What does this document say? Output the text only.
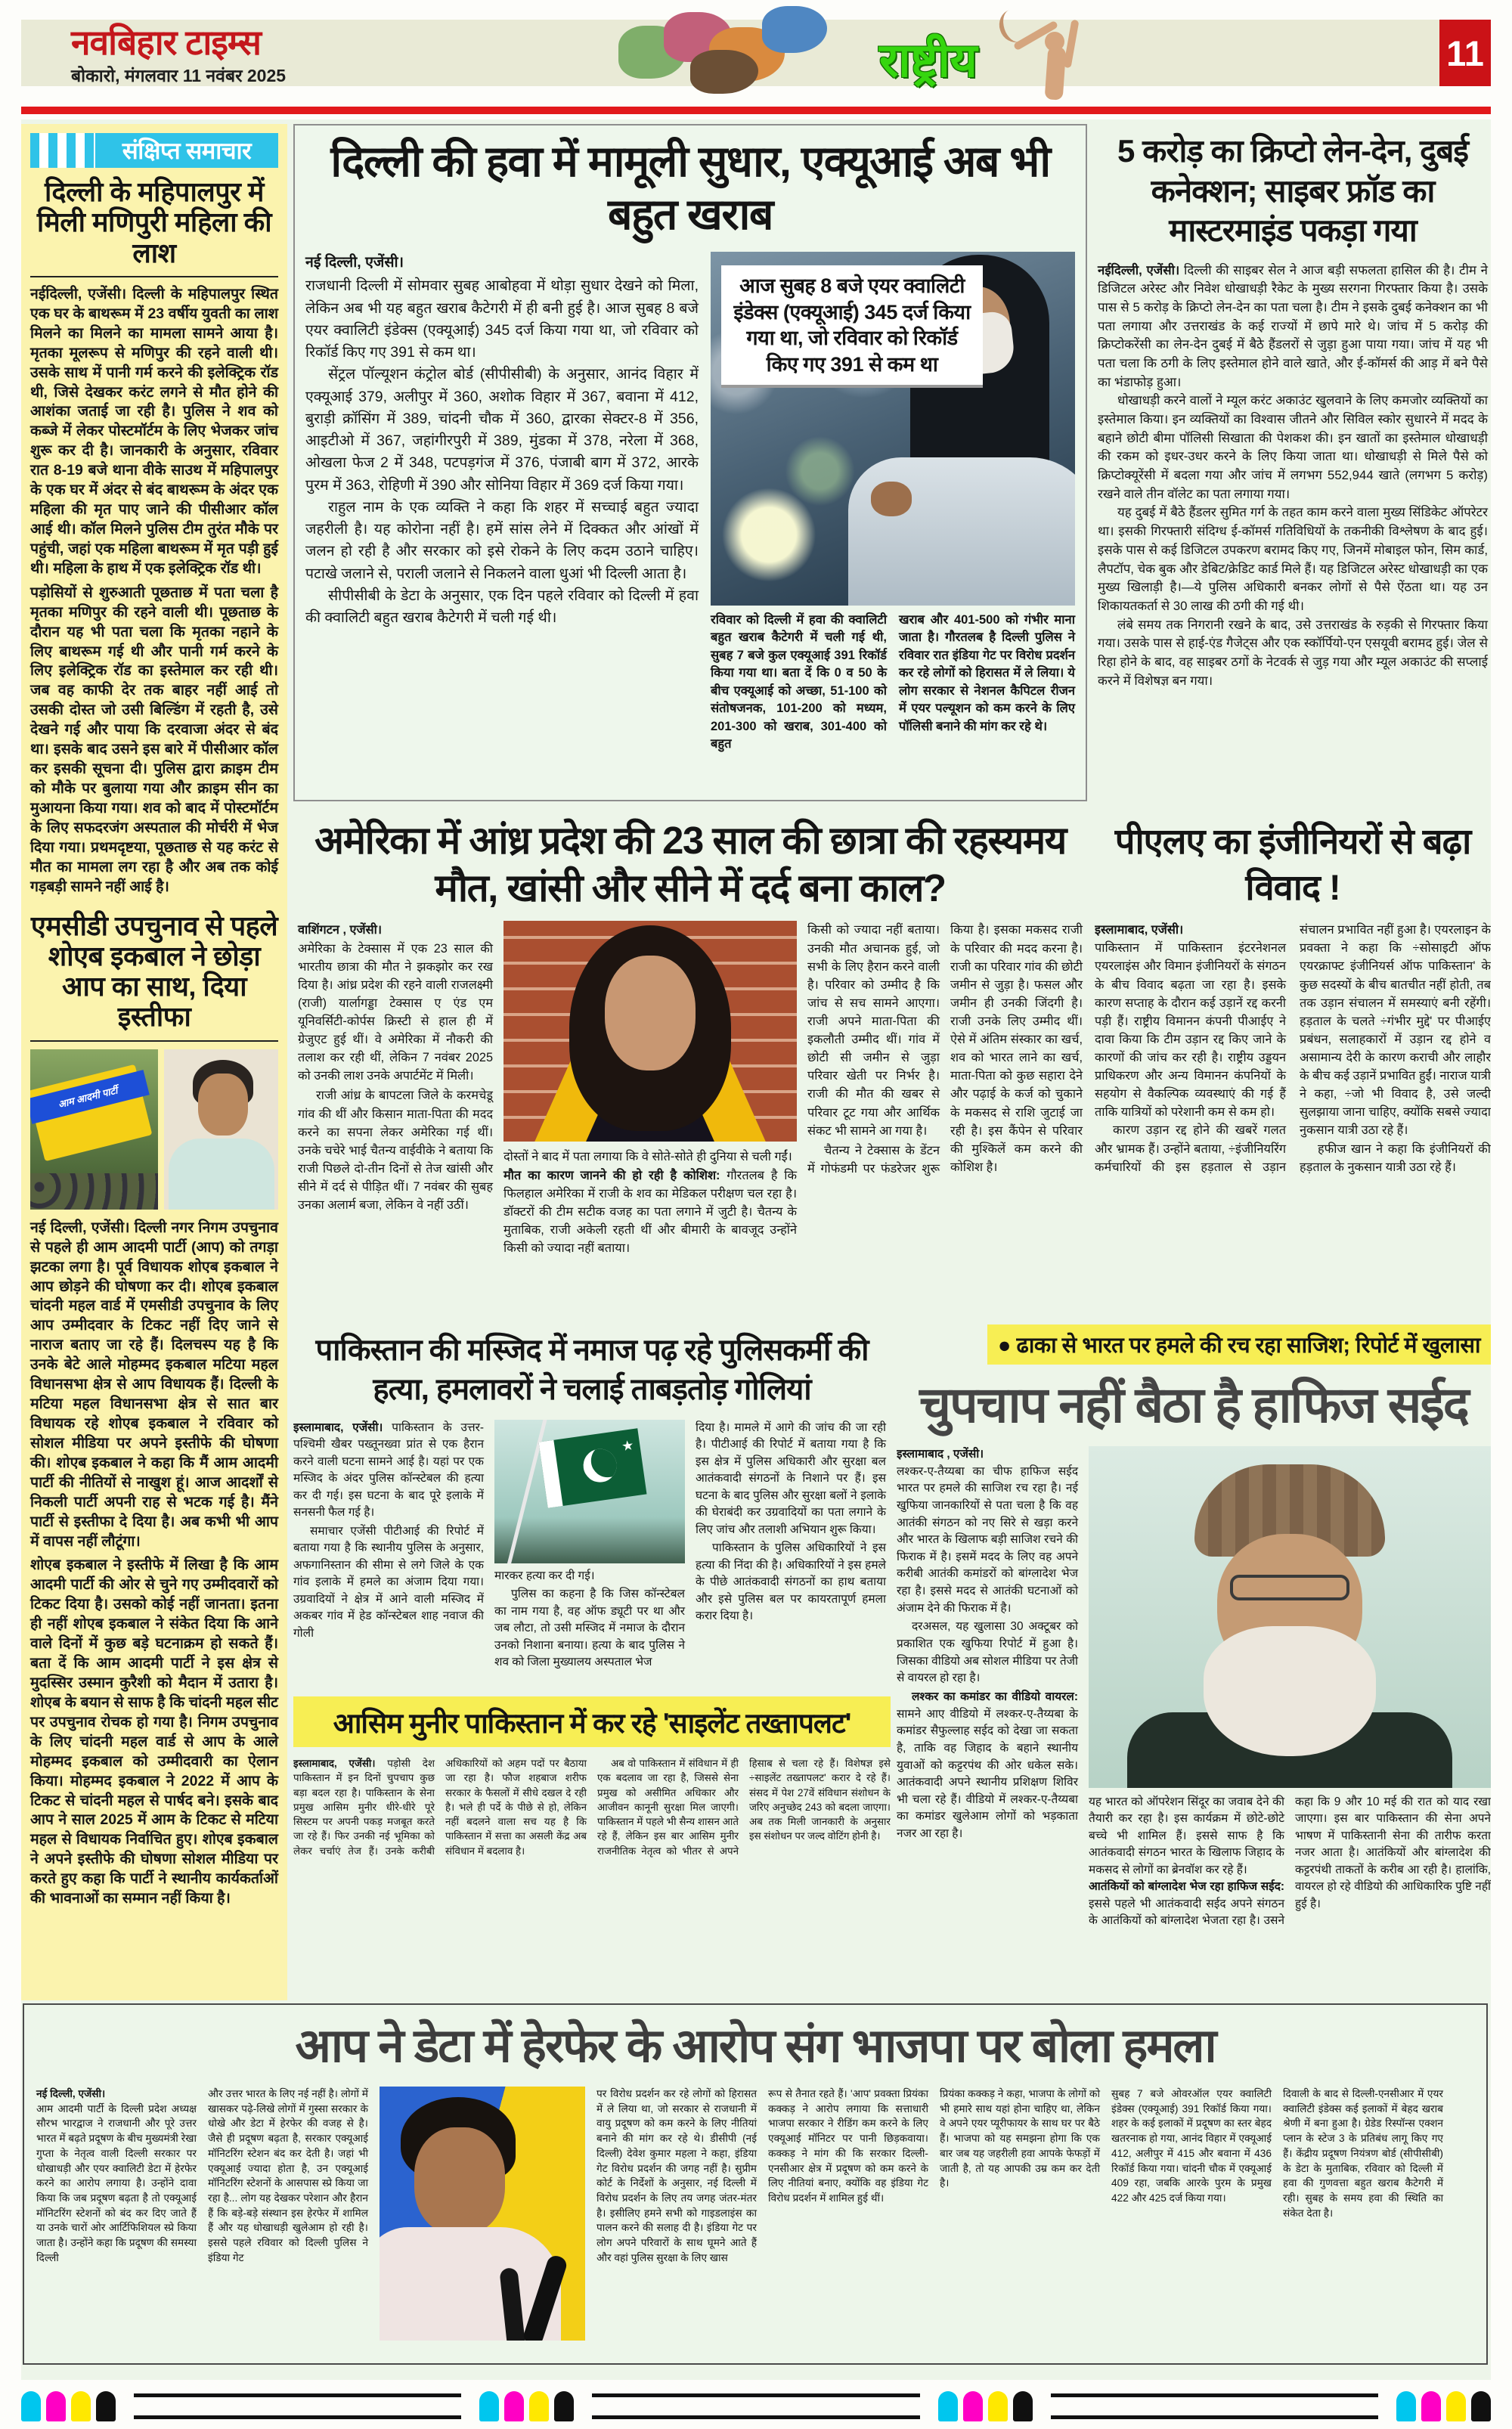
नवबिहार टाइम्स
बोकारो, मंगलवार 11 नवंबर 2025	राष्ट्रीय	11
संक्षिप्त समाचार
दिल्ली के महिपालपुर में मिली मणिपुरी महिला की लाश

नईदिल्ली, एजेंसी। दिल्ली के महिपालपुर स्थित एक घर के बाथरूम में 23 वर्षीय युवती का लाश मिलने का मिलने का मामला सामने आया है। मृतका मूलरूप से मणिपुर की रहने वाली थी। उसके साथ में पानी गर्म करने की इलेक्ट्रिक रॉड थी, जिसे देखकर करंट लगने से मौत होने की आशंका जताई जा रही है। पुलिस ने शव को कब्जे में लेकर पोस्टमॉर्टम के लिए भेजकर जांच शुरू कर दी है। जानकारी के अनुसार, रविवार रात 8-19 बजे थाना वीके साउथ में महिपालपुर के एक घर में अंदर से बंद बाथरूम के अंदर एक महिला की मृत पाए जाने की पीसीआर कॉल आई थी। कॉल मिलने पुलिस टीम तुरंत मौके पर पहुंची, जहां एक महिला बाथरूम में मृत पड़ी हुई थी। महिला के हाथ में एक इलेक्ट्रिक रॉड थी।

पड़ोसियों से शुरुआती पूछताछ में पता चला है मृतका मणिपुर की रहने वाली थी। पूछताछ के दौरान यह भी पता चला कि मृतका नहाने के लिए बाथरूम गई थी और पानी गर्म करने के लिए इलेक्ट्रिक रॉड का इस्तेमाल कर रही थी। जब वह काफी देर तक बाहर नहीं आई तो उसकी दोस्त जो उसी बिल्डिंग में रहती है, उसे देखने गई और पाया कि दरवाजा अंदर से बंद था। इसके बाद उसने इस बारे में पीसीआर कॉल कर इसकी सूचना दी। पुलिस द्वारा क्राइम टीम को मौके पर बुलाया गया और क्राइम सीन का मुआयना किया गया। शव को बाद में पोस्टमॉर्टम के लिए सफदरजंग अस्पताल की मोर्चरी में भेज दिया गया। प्रथमदृष्टया, पूछताछ से यह करंट से मौत का मामला लग रहा है और अब तक कोई गड़बड़ी सामने नहीं आई है।

एमसीडी उपचुनाव से पहले शोएब इकबाल ने छोड़ा आप का साथ, दिया इस्तीफा
आम आदमी पार्टी

नई दिल्ली, एजेंसी। दिल्ली नगर निगम उपचुनाव से पहले ही आम आदमी पार्टी (आप) को तगड़ा झटका लगा है। पूर्व विधायक शोएब इकबाल ने आप छोड़ने की घोषणा कर दी। शोएब इकबाल चांदनी महल वार्ड में एमसीडी उपचुनाव के लिए आप उम्मीदवार के टिकट नहीं दिए जाने से नाराज बताए जा रहे हैं। दिलचस्प यह है कि उनके बेटे आले मोहम्मद इकबाल मटिया महल विधानसभा क्षेत्र से आप विधायक हैं। दिल्ली के मटिया महल विधानसभा क्षेत्र से सात बार विधायक रहे शोएब इकबाल ने रविवार को सोशल मीडिया पर अपने इस्तीफे की घोषणा की। शोएब इकबाल ने कहा कि मैं आम आदमी पार्टी की नीतियों से नाखुश हूं। आज आदर्शों से निकली पार्टी अपनी राह से भटक गई है। मैंने पार्टी से इस्तीफा दे दिया है। अब कभी भी आप में वापस नहीं लौटूंगा।

शोएब इकबाल ने इस्तीफे में लिखा है कि आम आदमी पार्टी की ओर से चुने गए उम्मीदवारों को टिकट दिया है। उसको कोई नहीं जानता। इतना ही नहीं शोएब इकबाल ने संकेत दिया कि आने वाले दिनों में कुछ बड़े घटनाक्रम हो सकते हैं। बता दें कि आम आदमी पार्टी ने इस क्षेत्र से मुदस्सिर उस्मान कुरैशी को मैदान में उतारा है। शोएब के बयान से साफ है कि चांदनी महल सीट पर उपचुनाव रोचक हो गया है। निगम उपचुनाव के लिए चांदनी महल वार्ड से आप के आले मोहम्मद इकबाल को उम्मीदवारी का ऐलान किया। मोहम्मद इकबाल ने 2022 में आप के टिकट से चांदनी महल से पार्षद बने। इसके बाद आप ने साल 2025 में आम के टिकट से मटिया महल से विधायक निर्वाचित हुए। शोएब इकबाल ने अपने इस्तीफे की घोषणा सोशल मीडिया पर करते हुए कहा कि पार्टी ने स्थानीय कार्यकर्ताओं की भावनाओं का सम्मान नहीं किया है।

दिल्ली की हवा में मामूली सुधार, एक्यूआई अब भी बहुत खराब
नई दिल्ली, एजेंसी।

राजधानी दिल्ली में सोमवार सुबह आबोहवा में थोड़ा सुधार देखने को मिला, लेकिन अब भी यह बहुत खराब कैटेगरी में ही बनी हुई है। आज सुबह 8 बजे एयर क्वालिटी इंडेक्स (एक्यूआई) 345 दर्ज किया गया था, जो रविवार को रिकॉर्ड किए गए 391 से कम था।

सेंट्रल पॉल्यूशन कंट्रोल बोर्ड (सीपीसीबी) के अनुसार, आनंद विहार में एक्यूआई 379, अलीपुर में 360, अशोक विहार में 367, बवाना में 412, बुराड़ी क्रॉसिंग में 389, चांदनी चौक में 360, द्वारका सेक्टर-8 में 356, आइटीओ में 367, जहांगीरपुरी में 389, मुंडका में 378, नरेला में 368, ओखला फेज 2 में 348, पटपड़गंज में 376, पंजाबी बाग में 372, आरके पुरम में 363, रोहिणी में 390 और सोनिया विहार में 369 दर्ज किया गया।

राहुल नाम के एक व्यक्ति ने कहा कि शहर में सच्चाई बहुत ज्यादा जहरीली है। यह कोरोना नहीं है। हमें सांस लेने में दिक्कत और आंखों में जलन हो रही है और सरकार को इसे रोकने के लिए कदम उठाने चाहिए। पटाखे जलाने से, पराली जलाने से निकलने वाला धुआं भी दिल्ली आता है।

सीपीसीबी के डेटा के अनुसार, एक दिन पहले रविवार को दिल्ली में हवा की क्वालिटी बहुत खराब कैटेगरी में चली गई थी।

आज सुबह 8 बजे एयर क्वालिटी इंडेक्स (एक्यूआई) 345 दर्ज किया गया था, जो रविवार को रिकॉर्ड किए गए 391 से कम था

रविवार को दिल्ली में हवा की क्वालिटी बहुत खराब कैटेगरी में चली गई थी, सुबह 7 बजे कुल एक्यूआई 391 रिकॉर्ड किया गया था। बता दें कि 0 व 50 के बीच एक्यूआई को अच्छा, 51-100 को संतोषजनक, 101-200 को मध्यम, 201-300 को खराब, 301-400 को बहुत

खराब और 401-500 को गंभीर माना जाता है। गौरतलब है दिल्ली पुलिस ने रविवार रात इंडिया गेट पर विरोध प्रदर्शन कर रहे लोगों को हिरासत में ले लिया। ये लोग सरकार से नेशनल कैपिटल रीजन में एयर पल्यूशन को कम करने के लिए पॉलिसी बनाने की मांग कर रहे थे।

5 करोड़ का क्रिप्टो लेन-देन, दुबई कनेक्शन; साइबर फ्रॉड का मास्टरमाइंड पकड़ा गया

नईदिल्ली, एजेंसी। दिल्ली की साइबर सेल ने आज बड़ी सफलता हासिल की है। टीम ने डिजिटल अरेस्ट और निवेश धोखाधड़ी रैकेट के मुख्य सरगना गिरफ्तार किया है। उसके पास से 5 करोड़ के क्रिप्टो लेन-देन का पता चला है। टीम ने इसके दुबई कनेक्शन का भी पता लगाया और उत्तराखंड के कई राज्यों में छापे मारे थे। जांच में 5 करोड़ की क्रिप्टोकरेंसी का लेन-देन दुबई में बैठे हैंडलरों से जुड़ा हुआ पाया गया। जांच में यह भी पता चला कि ठगी के लिए इस्तेमाल होने वाले खाते, और ई-कॉमर्स की आड़ में बने पैसे का भंडाफोड़ हुआ।

धोखाधड़ी करने वालों ने म्यूल करंट अकाउंट खुलवाने के लिए कमजोर व्यक्तियों का इस्तेमाल किया। इन व्यक्तियों का विश्वास जीतने और सिविल स्कोर सुधारने में मदद के बहाने छोटी बीमा पॉलिसी सिखाता की पेशकश की। इन खातों का इस्तेमाल धोखाधड़ी की रकम को इधर-उधर करने के लिए किया जाता था। धोखाधड़ी से मिले पैसे को क्रिप्टोक्यूरेंसी में बदला गया और जांच में लगभग 552,944 खाते (लगभग 5 करोड़) रखने वाले तीन वॉलेट का पता लगाया गया।

यह दुबई में बैठे हैंडलर सुमित गर्ग के तहत काम करने वाला मुख्य सिंडिकेट ऑपरेटर था। इसकी गिरफ्तारी संदिग्ध ई-कॉमर्स गतिविधियों के तकनीकी विश्लेषण के बाद हुई। इसके पास से कई डिजिटल उपकरण बरामद किए गए, जिनमें मोबाइल फोन, सिम कार्ड, लैपटॉप, चेक बुक और डेबिट/क्रेडिट कार्ड मिले हैं। यह डिजिटल अरेस्ट धोखाधड़ी का एक मुख्य खिलाड़ी है।—ये पुलिस अधिकारी बनकर लोगों से पैसे ऐंठता था। यह उन शिकायतकर्ता से 30 लाख की ठगी की गई थी।

लंबे समय तक निगरानी रखने के बाद, उसे उत्तराखंड के रुड़की से गिरफ्तार किया गया। उसके पास से हाई-एंड गैजेट्स और एक स्कॉर्पियो-एन एसयूवी बरामद हुई। जेल से रिहा होने के बाद, वह साइबर ठगों के नेटवर्क से जुड़ गया और म्यूल अकाउंट की सप्लाई करने में विशेषज्ञ बन गया।

अमेरिका में आंध्र प्रदेश की 23 साल की छात्रा की रहस्यमय मौत, खांसी और सीने में दर्द बना काल?
वाशिंगटन , एजेंसी।

अमेरिका के टेक्सास में एक 23 साल की भारतीय छात्रा की मौत ने झकझोर कर रख दिया है। आंध्र प्रदेश की रहने वाली राजलक्ष्मी (राजी) यार्लागड्डा टेक्सास ए एंड एम यूनिवर्सिटी-कोर्पस क्रिस्टी से हाल ही में ग्रेजुएट हुई थीं। वे अमेरिका में नौकरी की तलाश कर रही थीं, लेकिन 7 नवंबर 2025 को उनकी लाश उनके अपार्टमेंट में मिली।

राजी आंध्र के बापटला जिले के करमचेडू गांव की थीं और किसान माता-पिता की मदद करने का सपना लेकर अमेरिका गई थीं। उनके चचेरे भाई चैतन्य वाईवीके ने बताया कि राजी पिछले दो-तीन दिनों से तेज खांसी और सीने में दर्द से पीड़ित थीं। 7 नवंबर की सुबह उनका अलार्म बजा, लेकिन वे नहीं उठीं।

दोस्तों ने बाद में पता लगाया कि वे सोते-सोते ही दुनिया से चली गईं।

मौत का कारण जानने की हो रही है कोशिश: गौरतलब है कि फिलहाल अमेरिका में राजी के शव का मेडिकल परीक्षण चल रहा है। डॉक्टरों की टीम सटीक वजह का पता लगाने में जुटी है। चैतन्य के मुताबिक, राजी अकेली रहती थीं और बीमारी के बावजूद उन्होंने किसी को ज्यादा नहीं बताया।

किसी को ज्यादा नहीं बताया। उनकी मौत अचानक हुई, जो सभी के लिए हैरान करने वाली है। परिवार को उम्मीद है कि जांच से सच सामने आएगा। राजी अपने माता-पिता की इकलौती उम्मीद थीं। गांव में छोटी सी जमीन से जुड़ा परिवार खेती पर निर्भर है। राजी की मौत की खबर से परिवार टूट गया और आर्थिक संकट भी सामने आ गया है।

चैतन्य ने टेक्सास के डेंटन में गोफंडमी पर फंडरेजर शुरू किया है। इसका मकसद राजी के परिवार की मदद करना है। राजी का परिवार गांव की छोटी जमीन से जुड़ा है। फसल और जमीन ही उनकी जिंदगी है। राजी उनके लिए उम्मीद थीं। ऐसे में अंतिम संस्कार का खर्च, शव को भारत लाने का खर्च, माता-पिता को कुछ सहारा देने और पढ़ाई के कर्ज को चुकाने के मकसद से राशि जुटाई जा रही है। इस कैंपेन से परिवार की मुश्किलें कम करने की कोशिश है।

पीएलए का इंजीनियरों से बढ़ा विवाद !
इस्लामाबाद, एजेंसी।

पाकिस्तान में पाकिस्तान इंटरनेशनल एयरलाइंस और विमान इंजीनियरों के संगठन के बीच विवाद बढ़ता जा रहा है। इसके कारण सप्ताह के दौरान कई उड़ानें रद्द करनी पड़ी हैं। राष्ट्रीय विमानन कंपनी पीआईए ने दावा किया कि टीम उड़ान रद्द किए जाने के कारणों की जांच कर रही है। राष्ट्रीय उड्डयन प्राधिकरण और अन्य विमानन कंपनियों के सहयोग से वैकल्पिक व्यवस्थाएं की गई हैं ताकि यात्रियों को परेशानी कम से कम हो।

कारण उड़ान रद्द होने की खबरें गलत और भ्रामक हैं। उन्होंने बताया, ÷इंजीनियरिंग कर्मचारियों की इस हड़ताल से उड़ान संचालन प्रभावित नहीं हुआ है। एयरलाइन के प्रवक्ता ने कहा कि ÷सोसाइटी ऑफ एयरक्राफ्ट इंजीनियर्स ऑफ पाकिस्तान' के कुछ सदस्यों के बीच बातचीत नहीं होती, तब तक उड़ान संचालन में समस्याएं बनी रहेंगी। हड़ताल के चलते ÷गंभीर मुद्दे' पर पीआईए प्रबंधन, सलाहकारों में उड़ान रद्द होने व असामान्य देरी के कारण कराची और लाहौर के बीच कई उड़ानें प्रभावित हुईं। नाराज यात्री ने कहा, ÷जो भी विवाद है, उसे जल्दी सुलझाया जाना चाहिए, क्योंकि सबसे ज्यादा नुकसान यात्री उठा रहे हैं।

हफीज खान ने कहा कि इंजीनियरों की हड़ताल के नुकसान यात्री उठा रहे हैं।

पाकिस्तान की मस्जिद में नमाज पढ़ रहे पुलिसकर्मी की हत्या, हमलावरों ने चलाई ताबड़तोड़ गोलियां

इस्लामाबाद, एजेंसी। पाकिस्तान के उत्तर-पश्चिमी खैबर पख्तूनख्वा प्रांत से एक हैरान करने वाली घटना सामने आई है। यहां पर एक मस्जिद के अंदर पुलिस कॉन्स्टेबल की हत्या कर दी गई। इस घटना के बाद पूरे इलाके में सनसनी फैल गई है।

समाचार एजेंसी पीटीआई की रिपोर्ट में बताया गया है कि स्थानीय पुलिस के अनुसार, अफगानिस्तान की सीमा से लगे जिले के एक गांव इलाके में हमले का अंजाम दिया गया। उग्रवादियों ने क्षेत्र में आने वाली मस्जिद में अकबर गांव में हेड कॉन्स्टेबल शाह नवाज की गोली

★

मारकर हत्या कर दी गई।

पुलिस का कहना है कि जिस कॉन्स्टेबल का नाम गया है, वह ऑफ ड्यूटी पर था और जब लौटा, तो उसी मस्जिद में नमाज के दौरान उनको निशाना बनाया। हत्या के बाद पुलिस ने शव को जिला मुख्यालय अस्पताल भेज

दिया है। मामले में आगे की जांच की जा रही है। पीटीआई की रिपोर्ट में बताया गया है कि इस क्षेत्र में पुलिस अधिकारी और सुरक्षा बल आतंकवादी संगठनों के निशाने पर हैं। इस घटना के बाद पुलिस और सुरक्षा बलों ने इलाके की घेराबंदी कर उग्रवादियों का पता लगाने के लिए जांच और तलाशी अभियान शुरू किया।

पाकिस्तान के पुलिस अधिकारियों ने इस हत्या की निंदा की है। अधिकारियों ने इस हमले के पीछे आतंकवादी संगठनों का हाथ बताया और इसे पुलिस बल पर कायरतापूर्ण हमला करार दिया है।

आसिम मुनीर पाकिस्तान में कर रहे 'साइलेंट तख्तापलट'

इस्लामाबाद, एजेंसी। पड़ोसी देश पाकिस्तान में इन दिनों चुपचाप कुछ बड़ा बदल रहा है। पाकिस्तान के सेना प्रमुख आसिम मुनीर धीरे-धीरे पूरे सिस्टम पर अपनी पकड़ मजबूत करते जा रहे हैं। फिर उनकी नई भूमिका को लेकर चर्चाएं तेज हैं। उनके करीबी अधिकारियों को अहम पदों पर बैठाया जा रहा है। फौज शहबाज शरीफ सरकार के फैसलों में सीधे दखल दे रही है। भले ही पर्दे के पीछे से हो, लेकिन नहीं बदलने वाला सच यह है कि पाकिस्तान में सत्ता का असली केंद्र अब संविधान में बदलाव है।

अब वो पाकिस्तान में संविधान में ही एक बदलाव जा रहा है, जिससे सेना प्रमुख को असीमित अधिकार और आजीवन कानूनी सुरक्षा मिल जाएगी। पाकिस्तान में पहले भी सैन्य शासन आते रहे हैं, लेकिन इस बार आसिम मुनीर राजनीतिक नेतृत्व को भीतर से अपने हिसाब से चला रहे हैं। विशेषज्ञ इसे ÷साइलेंट तख्तापलट' करार दे रहे हैं। संसद में पेश 27वें संविधान संशोधन के जरिए अनुच्छेद 243 को बदला जाएगा। अब तक मिली जानकारी के अनुसार इस संशोधन पर जल्द वोटिंग होनी है।

● ढाका से भारत पर हमले की रच रहा साजिश; रिपोर्ट में खुलासा
चुपचाप नहीं बैठा है हाफिज सईद
इस्लामाबाद , एजेंसी।

लश्कर-ए-तैय्यबा का चीफ हाफिज सईद भारत पर हमले की साजिश रच रहा है। नई खुफिया जानकारियों से पता चला है कि वह आतंकी संगठन को नए सिरे से खड़ा करने और भारत के खिलाफ बड़ी साजिश रचने की फिराक में है। इसमें मदद के लिए वह अपने करीबी आतंकी कमांडरों को बांग्लादेश भेज रहा है। इससे मदद से आतंकी घटनाओं को अंजाम देने की फिराक में है।

दरअसल, यह खुलासा 30 अक्टूबर को प्रकाशित एक खुफिया रिपोर्ट में हुआ है। जिसका वीडियो अब सोशल मीडिया पर तेजी से वायरल हो रहा है।

लश्कर का कमांडर का वीडियो वायरल: सामने आए वीडियो में लश्कर-ए-तैय्यबा के कमांडर सैफुल्लाह सईद को देखा जा सकता है, ताकि वह जिहाद के बहाने स्थानीय युवाओं को कट्टरपंथ की ओर धकेल सके। आतंकवादी अपने स्थानीय प्रशिक्षण शिविर भी चला रहे हैं। वीडियो में लश्कर-ए-तैय्यबा का कमांडर खुलेआम लोगों को भड़काता नजर आ रहा है।

यह भारत को ऑपरेशन सिंदूर का जवाब देने की तैयारी कर रहा है। इस कार्यक्रम में छोटे-छोटे बच्चे भी शामिल हैं। इससे साफ है कि आतंकवादी संगठन भारत के खिलाफ जिहाद के मकसद से लोगों का ब्रेनवॉश कर रहे हैं।

आतंकियों को बांग्लादेश भेज रहा हाफिज सईद: इससे पहले भी आतंकवादी सईद अपने संगठन के आतंकियों को बांग्लादेश भेजता रहा है। उसने कहा कि 9 और 10 मई की रात को याद रखा जाएगा। इस बार पाकिस्तान की सेना अपने भाषण में पाकिस्तानी सेना की तारीफ करता नजर आता है। आतंकियों और बांग्लादेश की कट्टरपंथी ताकतों के करीब आ रही है। हालांकि, वायरल हो रहे वीडियो की आधिकारिक पुष्टि नहीं हुई है।

आप ने डेटा में हेरफेर के आरोप संग भाजपा पर बोला हमला
नई दिल्ली, एजेंसी।

आम आदमी पार्टी के दिल्ली प्रदेश अध्यक्ष सौरभ भारद्वाज ने राजधानी और पूरे उत्तर भारत में बढ़ते प्रदूषण के बीच मुख्यमंत्री रेखा गुप्ता के नेतृत्व वाली दिल्ली सरकार पर धोखाधड़ी और एयर क्वालिटी डेटा में हेरफेर करने का आरोप लगाया है। उन्होंने दावा किया कि जब प्रदूषण बढ़ता है तो एक्यूआई मॉनिटरिंग स्टेशनों को बंद कर दिए जाते हैं या उनके चारों ओर आर्टिफिशियल स्प्रे किया जाता है। उन्होंने कहा कि प्रदूषण की समस्या दिल्ली

और उत्तर भारत के लिए नई नहीं है। लोगों में खासकर पढ़े-लिखे लोगों में गुस्सा सरकार के धोखे और डेटा में हेरफेर की वजह से है। जैसे ही प्रदूषण बढ़ता है, सरकार एक्यूआई मॉनिटरिंग स्टेशन बंद कर देती है। जहां भी एक्यूआई ज्यादा होता है, उन एक्यूआई मॉनिटरिंग स्टेशनों के आसपास स्प्रे किया जा रहा है... लोग यह देखकर परेशान और हैरान हैं कि बड़े-बड़े संस्थान इस हेरफेर में शामिल हैं और यह धोखाधड़ी खुलेआम हो रही है। इससे पहले रविवार को दिल्ली पुलिस ने इंडिया गेट

पर विरोध प्रदर्शन कर रहे लोगों को हिरासत में ले लिया था, जो सरकार से राजधानी में वायु प्रदूषण को कम करने के लिए नीतियां बनाने की मांग कर रहे थे। डीसीपी (नई दिल्ली) देवेश कुमार महला ने कहा, इंडिया गेट विरोध प्रदर्शन की जगह नहीं है। सुप्रीम कोर्ट के निर्देशों के अनुसार, नई दिल्ली में विरोध प्रदर्शन के लिए तय जगह जंतर-मंतर है। इसीलिए हमने सभी को गाइडलाइंस का पालन करने की सलाह दी है। इंडिया गेट पर लोग अपने परिवारों के साथ घूमने आते हैं और वहां पुलिस सुरक्षा के लिए खास

रूप से तैनात रहते हैं। 'आप' प्रवक्ता प्रियंका कक्कड़ ने आरोप लगाया कि सत्ताधारी भाजपा सरकार ने रीडिंग कम करने के लिए एक्यूआई मॉनिटर पर पानी छिड़कवाया। कक्कड़ ने मांग की कि सरकार दिल्ली-एनसीआर क्षेत्र में प्रदूषण को कम करने के लिए नीतियां बनाए, क्योंकि वह इंडिया गेट विरोध प्रदर्शन में शामिल हुई थीं।

प्रियंका कक्कड़ ने कहा, भाजपा के लोगों को भी हमारे साथ यहां होना चाहिए था, लेकिन वे अपने एयर प्यूरीफायर के साथ घर पर बैठे हैं। भाजपा को यह समझना होगा कि एक बार जब यह जहरीली हवा आपके फेफड़ों में जाती है, तो यह आपकी उम्र कम कर देती है।

सुबह 7 बजे ओवरऑल एयर क्वालिटी इंडेक्स (एक्यूआई) 391 रिकॉर्ड किया गया। शहर के कई इलाकों में प्रदूषण का स्तर बेहद खतरनाक हो गया, आनंद विहार में एक्यूआई 412, अलीपुर में 415 और बवाना में 436 रिकॉर्ड किया गया। चांदनी चौक में एक्यूआई 409 रहा, जबकि आरके पुरम के प्रमुख 422 और 425 दर्ज किया गया।

दिवाली के बाद से दिल्ली-एनसीआर में एयर क्वालिटी इंडेक्स कई इलाकों में बेहद खराब श्रेणी में बना हुआ है। ग्रेडेड रिस्पॉन्स एक्शन प्लान के स्टेज 3 के प्रतिबंध लागू किए गए हैं। केंद्रीय प्रदूषण नियंत्रण बोर्ड (सीपीसीबी) के डेटा के मुताबिक, रविवार को दिल्ली में हवा की गुणवत्ता बहुत खराब कैटेगरी में रही। सुबह के समय हवा की स्थिति का संकेत देता है।
